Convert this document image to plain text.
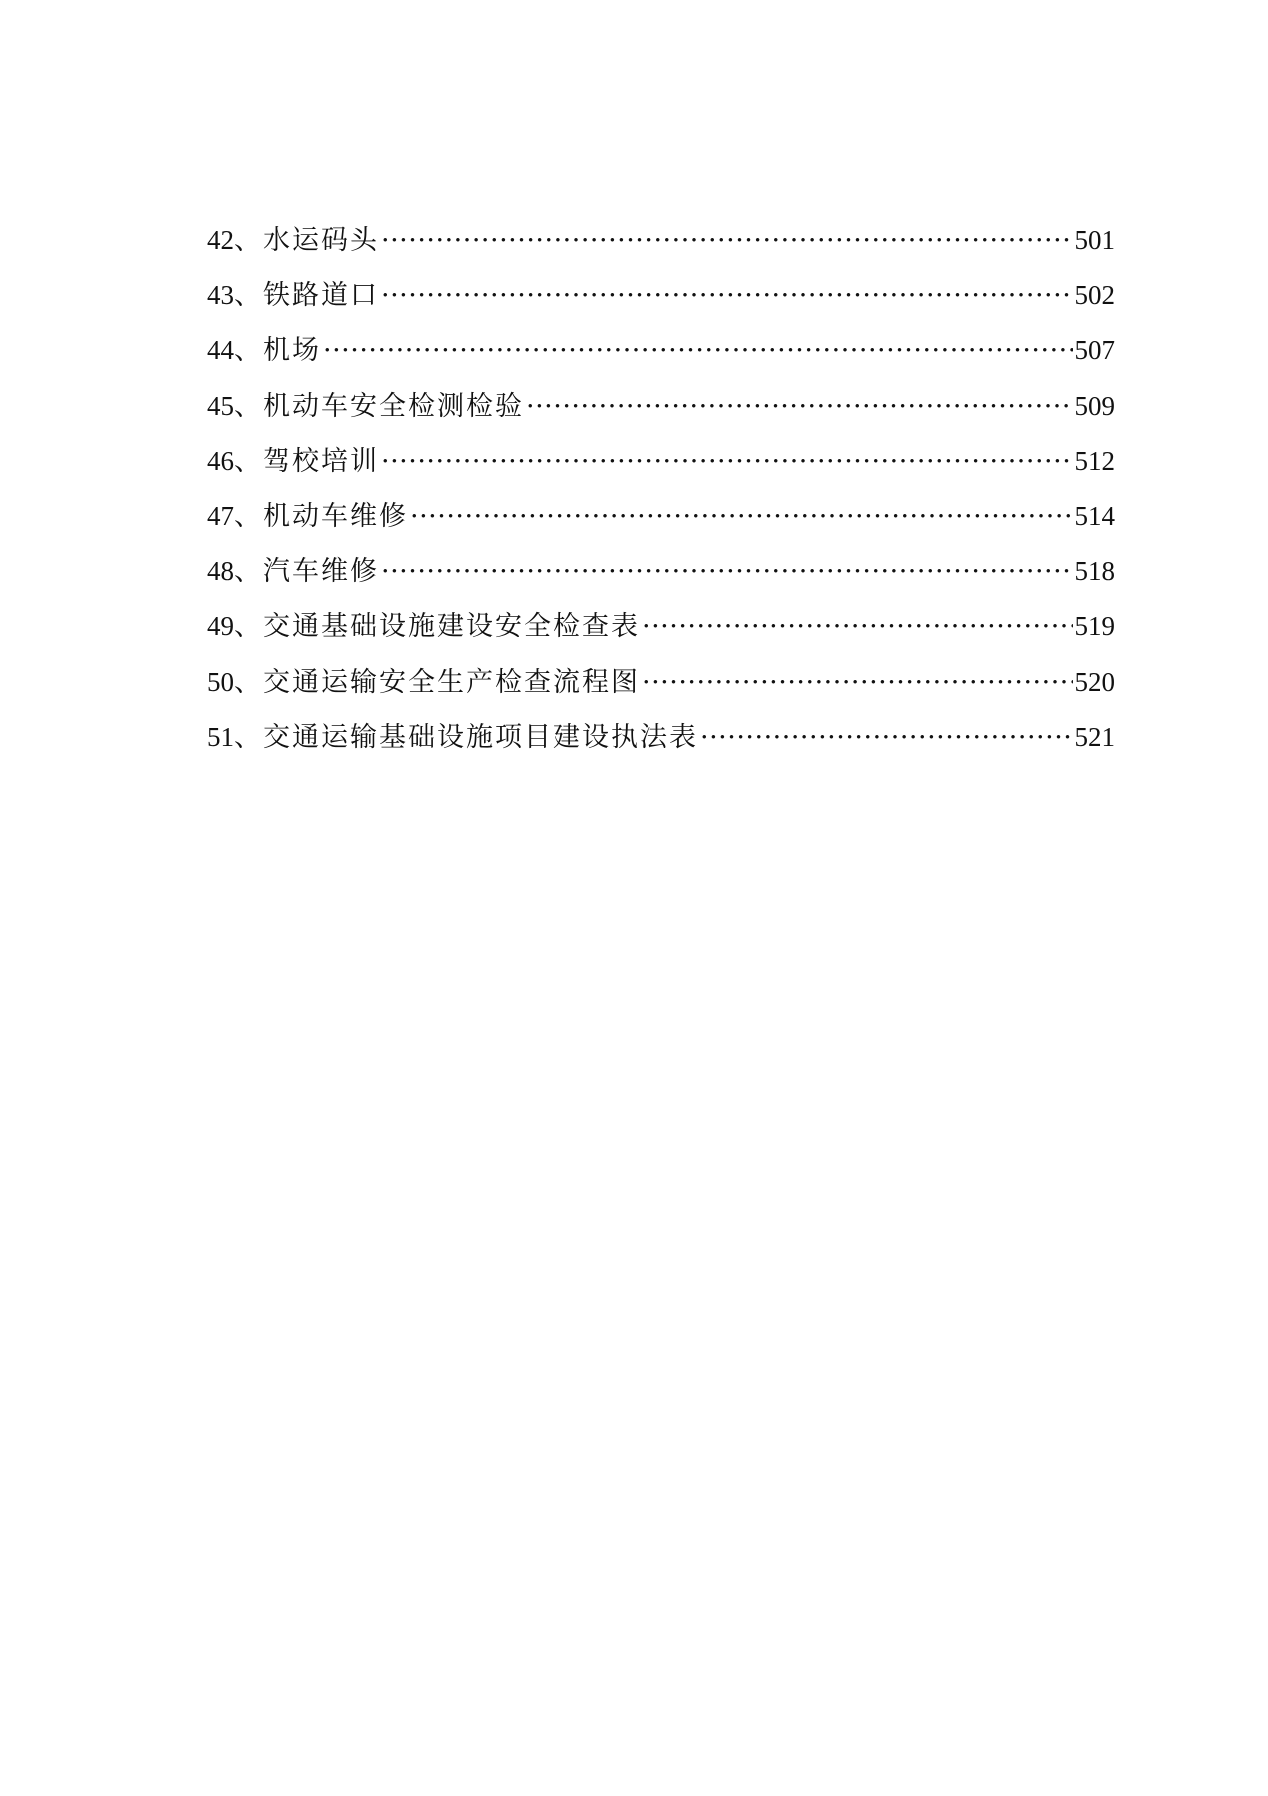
42 、 水运码头 ·····	501
43 、 铁路道口 ·····	502
44 、 机场 ·····	507
45 、 机动车安全检测检验 ·····	509
46 、 驾校培训 ·····	512
47 、 机动车维修 ·····	514
48 、 汽车维修 ·····	518
49 、 交通基础设施建设安全检查表 ·····	519
50 、 交通运输安全生产检查流程图 ·····	520
51 、 交通运输基础设施项目建设执法表 ·····	521
